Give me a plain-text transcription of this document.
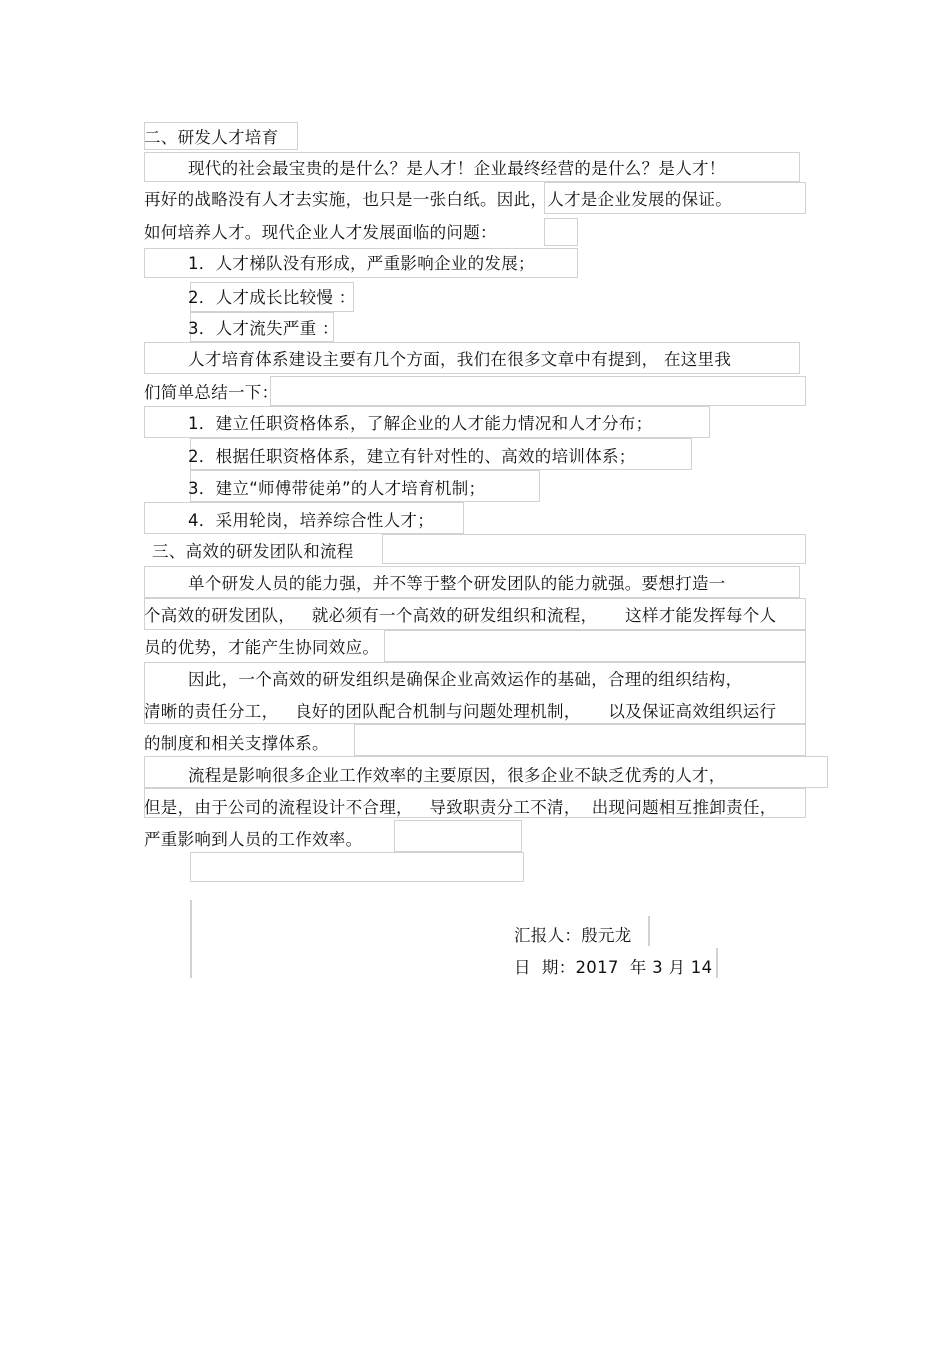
二、研发人才培育
现代的社会最宝贵的是什么？是人才！企业最终经营的是什么？是人才！
再好的战略没有人才去实施，也只是一张白纸。因此，人才是企业发展的保证。
如何培养人才。现代企业人才发展面临的问题：
1．人才梯队没有形成，严重影响企业的发展；
2．人才成长比较慢 ：
3．人才流失严重 ：
人才培育体系建设主要有几个方面，我们在很多文章中有提到， 在这里我
们简单总结一下：
1．建立任职资格体系，了解企业的人才能力情况和人才分布；
2．根据任职资格体系，建立有针对性的、高效的培训体系；
3．建立“师傅带徒弟”的人才培育机制；
4．采用轮岗，培养综合性人才；
三、高效的研发团队和流程
单个研发人员的能力强，并不等于整个研发团队的能力就强。要想打造一
个高效的研发团队，   就必须有一个高效的研发组织和流程，     这样才能发挥每个人
员的优势，才能产生协同效应。
因此，一个高效的研发组织是确保企业高效运作的基础，合理的组织结构，
清晰的责任分工，   良好的团队配合机制与问题处理机制，     以及保证高效组织运行
的制度和相关支撑体系。
流程是影响很多企业工作效率的主要原因，很多企业不缺乏优秀的人才，
但是，由于公司的流程设计不合理，   导致职责分工不清，  出现问题相互推卸责任，
严重影响到人员的工作效率。
汇报人：殷元龙
日  期：2017  年 3 月 14
